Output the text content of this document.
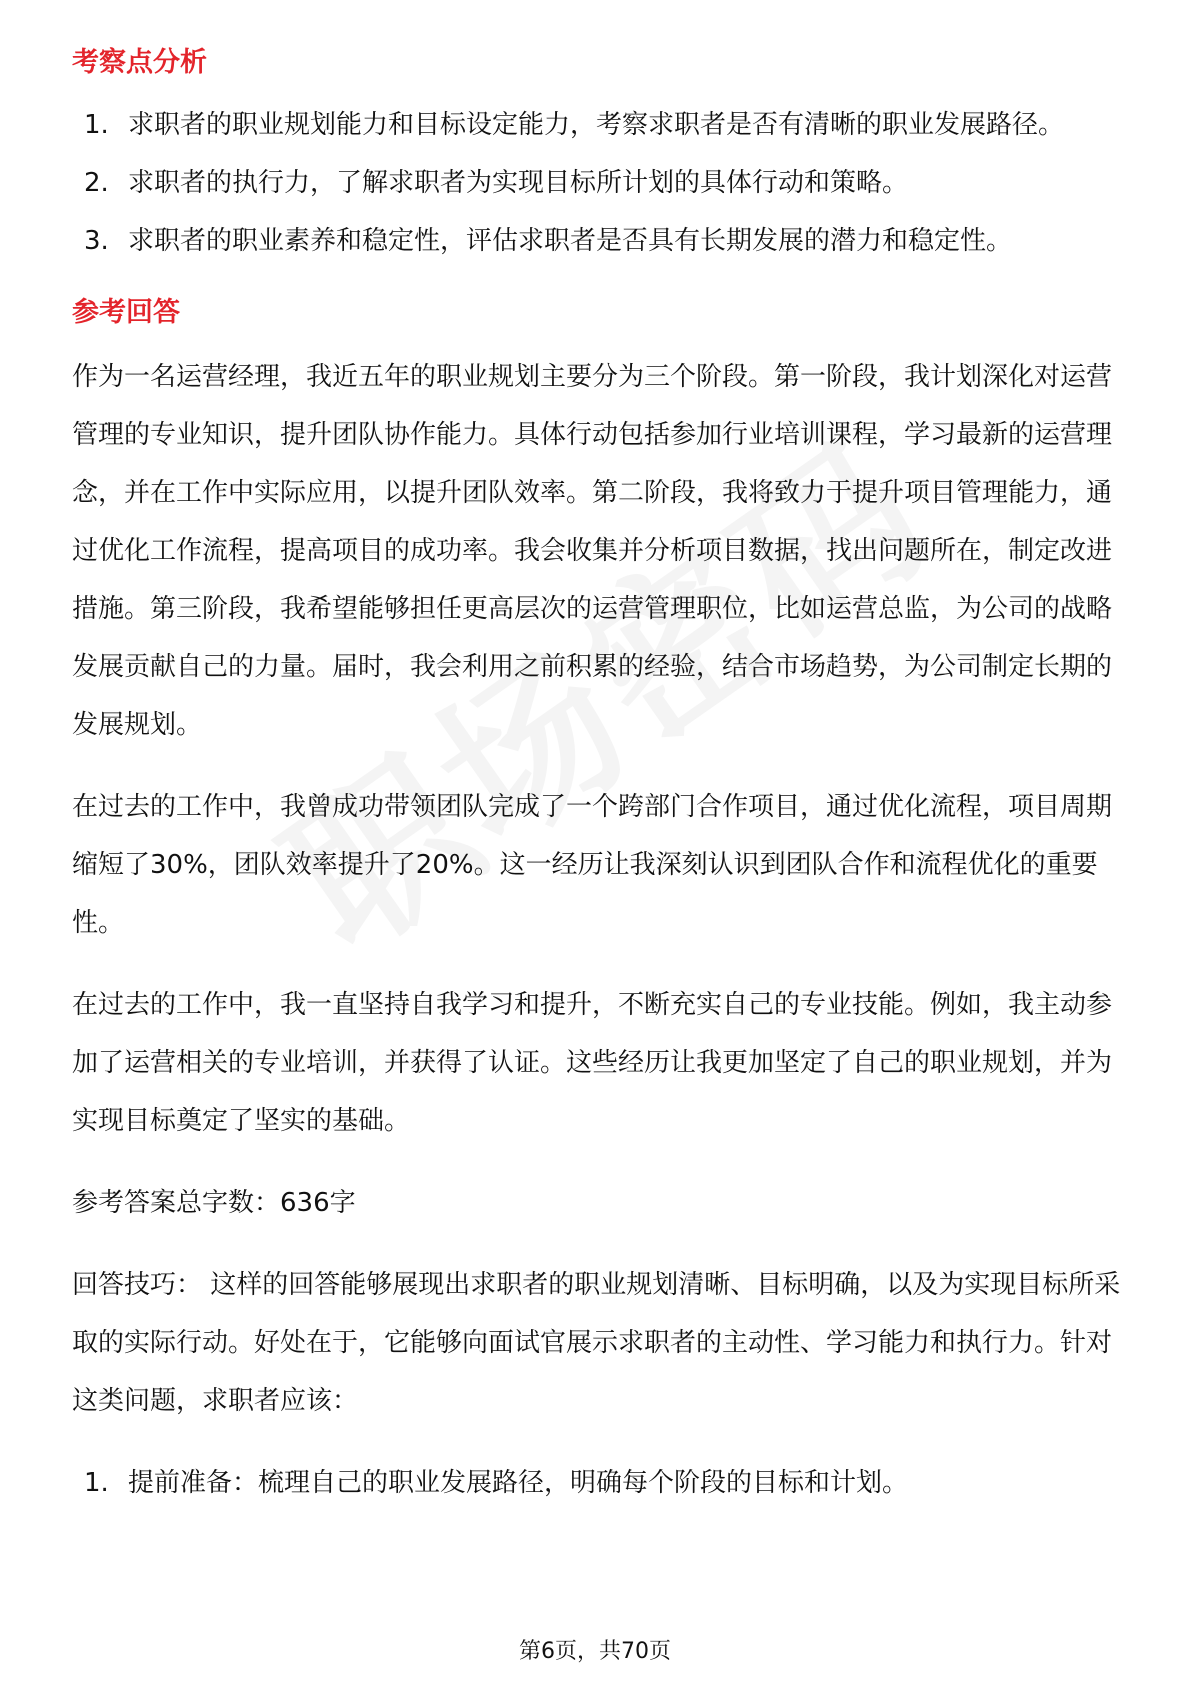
考察点分析
1. 求职者的职业规划能力和目标设定能力，考察求职者是否有清晰的职业发展路径。
2. 求职者的执行力，了解求职者为实现目标所计划的具体行动和策略。
3. 求职者的职业素养和稳定性，评估求职者是否具有长期发展的潜力和稳定性。
参考回答

作为一名运营经理，我近五年的职业规划主要分为三个阶段。第一阶段，我计划深化对运营管理的专业知识，提升团队协作能力。具体行动包括参加行业培训课程，学习最新的运营理念，并在工作中实际应用，以提升团队效率。第二阶段，我将致力于提升项目管理能力，通过优化工作流程，提高项目的成功率。我会收集并分析项目数据，找出问题所在，制定改进措施。第三阶段，我希望能够担任更高层次的运营管理职位，比如运营总监，为公司的战略发展贡献自己的力量。届时，我会利用之前积累的经验，结合市场趋势，为公司制定长期的发展规划。

在过去的工作中，我曾成功带领团队完成了一个跨部门合作项目，通过优化流程，项目周期缩短了30%，团队效率提升了20%。这一经历让我深刻认识到团队合作和流程优化的重要性。

在过去的工作中，我一直坚持自我学习和提升，不断充实自己的专业技能。例如，我主动参加了运营相关的专业培训，并获得了认证。这些经历让我更加坚定了自己的职业规划，并为实现目标奠定了坚实的基础。

参考答案总字数：636字

回答技巧： 这样的回答能够展现出求职者的职业规划清晰、目标明确，以及为实现目标所采取的实际行动。好处在于，它能够向面试官展示求职者的主动性、学习能力和执行力。针对这类问题，求职者应该：

1. 提前准备：梳理自己的职业发展路径，明确每个阶段的目标和计划。
第6页，共70页
